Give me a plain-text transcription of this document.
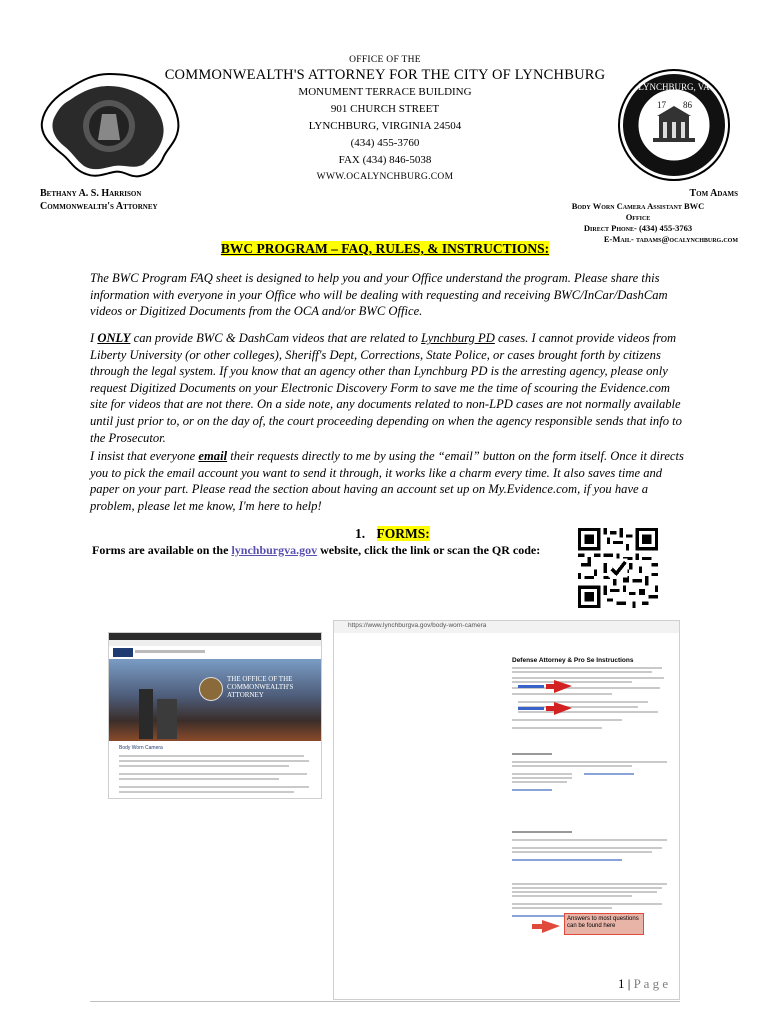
LYNCHBURG, VA
17 86
OFFICE OF THE
COMMONWEALTH'S ATTORNEY FOR THE CITY OF LYNCHBURG
MONUMENT TERRACE BUILDING
901 CHURCH STREET
LYNCHBURG, VIRGINIA 24504
(434) 455-3760
FAX (434) 846-5038
WWW.OCALYNCHBURG.COM
Bethany A. S. Harrison
Commonwealth's Attorney
Tom Adams
Body Worn Camera Assistant BWC
Office
Direct Phone- (434) 455-3763
E-Mail- tadams@ocalynchburg.com
BWC PROGRAM – FAQ, RULES, & INSTRUCTIONS:
The BWC Program FAQ sheet is designed to help you and your Office understand the program. Please share this information with everyone in your Office who will be dealing with requesting and receiving BWC/InCar/DashCam videos or Digitized Documents from the OCA and/or BWC Office.
I ONLY can provide BWC & DashCam videos that are related to Lynchburg PD cases. I cannot provide videos from Liberty University (or other colleges), Sheriff's Dept, Corrections, State Police, or cases brought forth by citizens through the legal system. If you know that an agency other than Lynchburg PD is the arresting agency, please only request Digitized Documents on your Electronic Discovery Form to save me the time of scouring the Evidence.com site for videos that are not there. On a side note, any documents related to non-LPD cases are not normally available until just prior to, or on the day of, the court proceeding depending on when the agency responsible sends that info to the Prosecutor.
I insist that everyone email their requests directly to me by using the “email” button on the form itself. Once it directs you to pick the email account you want to send it through, it works like a charm every time. It also saves time and paper on your part. Please read the section about having an account set up on My.Evidence.com, if you have a problem, please let me know, I'm here to help!
1. FORMS:
Forms are available on the lynchburgva.gov website, click the link or scan the QR code:
THE OFFICE OF THE
COMMONWEALTH'S
ATTORNEY
Body Worn Camera
https://www.lynchburgva.gov/body-worn-camera
Defense Attorney & Pro Se Instructions
Answers to most questions can be found here
1 | P a g e
